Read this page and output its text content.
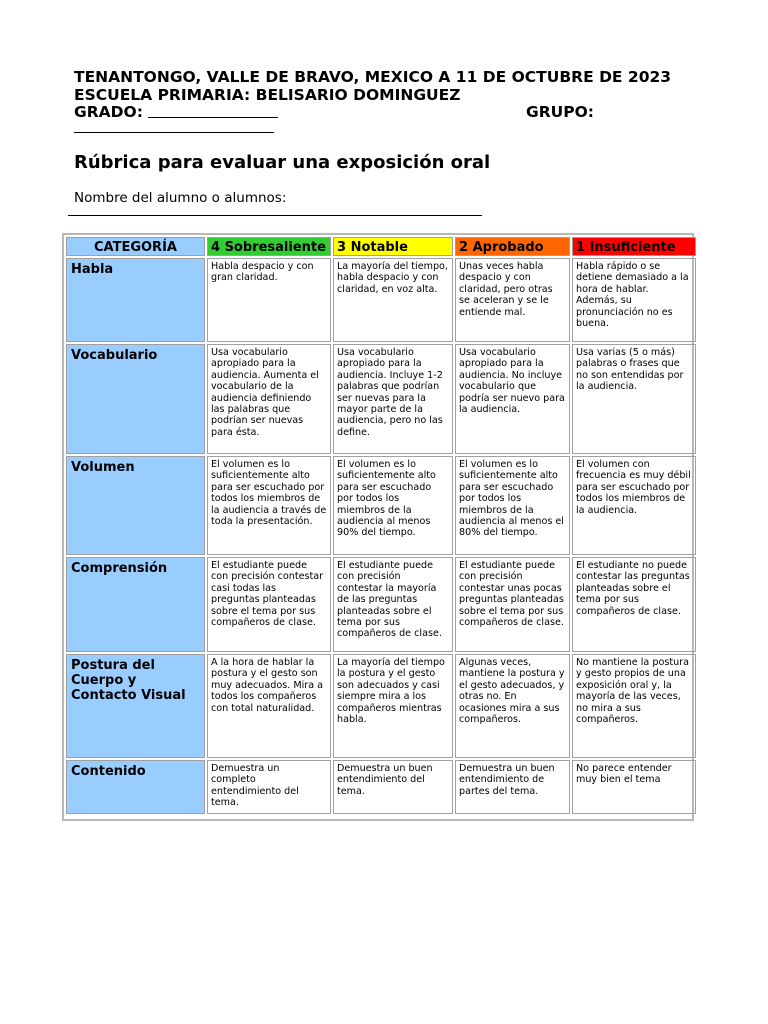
TENANTONGO, VALLE DE BRAVO, MEXICO A 11 DE OCTUBRE DE 2023
ESCUELA PRIMARIA: BELISARIO DOMINGUEZ
GRADO:	GRUPO:
Rúbrica para evaluar una exposición oral
Nombre del alumno o alumnos:
CATEGORÍA	4 Sobresaliente	3 Notable	2 Aprobado	1 Insuficiente
Habla	Habla despacio y con gran claridad.	La mayoría del tiempo, habla despacio y con claridad, en voz alta.	Unas veces habla despacio y con claridad, pero otras se aceleran y se le entiende mal.	Habla rápido o se detiene demasiado a la hora de hablar. Además, su pronunciación no es buena.
Vocabulario	Usa vocabulario apropiado para la audiencia. Aumenta el vocabulario de la audiencia definiendo las palabras que podrían ser nuevas para ésta.	Usa vocabulario apropiado para la audiencia. Incluye 1-2 palabras que podrían ser nuevas para la mayor parte de la audiencia, pero no las define.	Usa vocabulario apropiado para la audiencia. No incluye vocabulario que podría ser nuevo para la audiencia.	Usa varias (5 o más) palabras o frases que no son entendidas por la audiencia.
Volumen	El volumen es lo suficientemente alto para ser escuchado por todos los miembros de la audiencia a través de toda la presentación.	El volumen es lo suficientemente alto para ser escuchado por todos los miembros de la audiencia al menos 90% del tiempo.	El volumen es lo suficientemente alto para ser escuchado por todos los miembros de la audiencia al menos el 80% del tiempo.	El volumen con frecuencia es muy débil para ser escuchado por todos los miembros de la audiencia.
Comprensión	El estudiante puede con precisión contestar casi todas las preguntas planteadas sobre el tema por sus compañeros de clase.	El estudiante puede con precisión contestar la mayoría de las preguntas planteadas sobre el tema por sus compañeros de clase.	El estudiante puede con precisión contestar unas pocas preguntas planteadas sobre el tema por sus compañeros de clase.	El estudiante no puede contestar las preguntas planteadas sobre el tema por sus compañeros de clase.
Postura del Cuerpo y Contacto Visual	A la hora de hablar la postura y el gesto son muy adecuados. Mira a todos los compañeros con total naturalidad.	La mayoría del tiempo la postura y el gesto son adecuados y casi siempre mira a los compañeros mientras habla.	Algunas veces, mantiene la postura y el gesto adecuados, y otras no. En ocasiones mira a sus compañeros.	No mantiene la postura y gesto propios de una exposición oral y, la mayoría de las veces, no mira a sus compañeros.
Contenido	Demuestra un completo entendimiento del tema.	Demuestra un buen entendimiento del tema.	Demuestra un buen entendimiento de partes del tema.	No parece entender muy bien el tema
